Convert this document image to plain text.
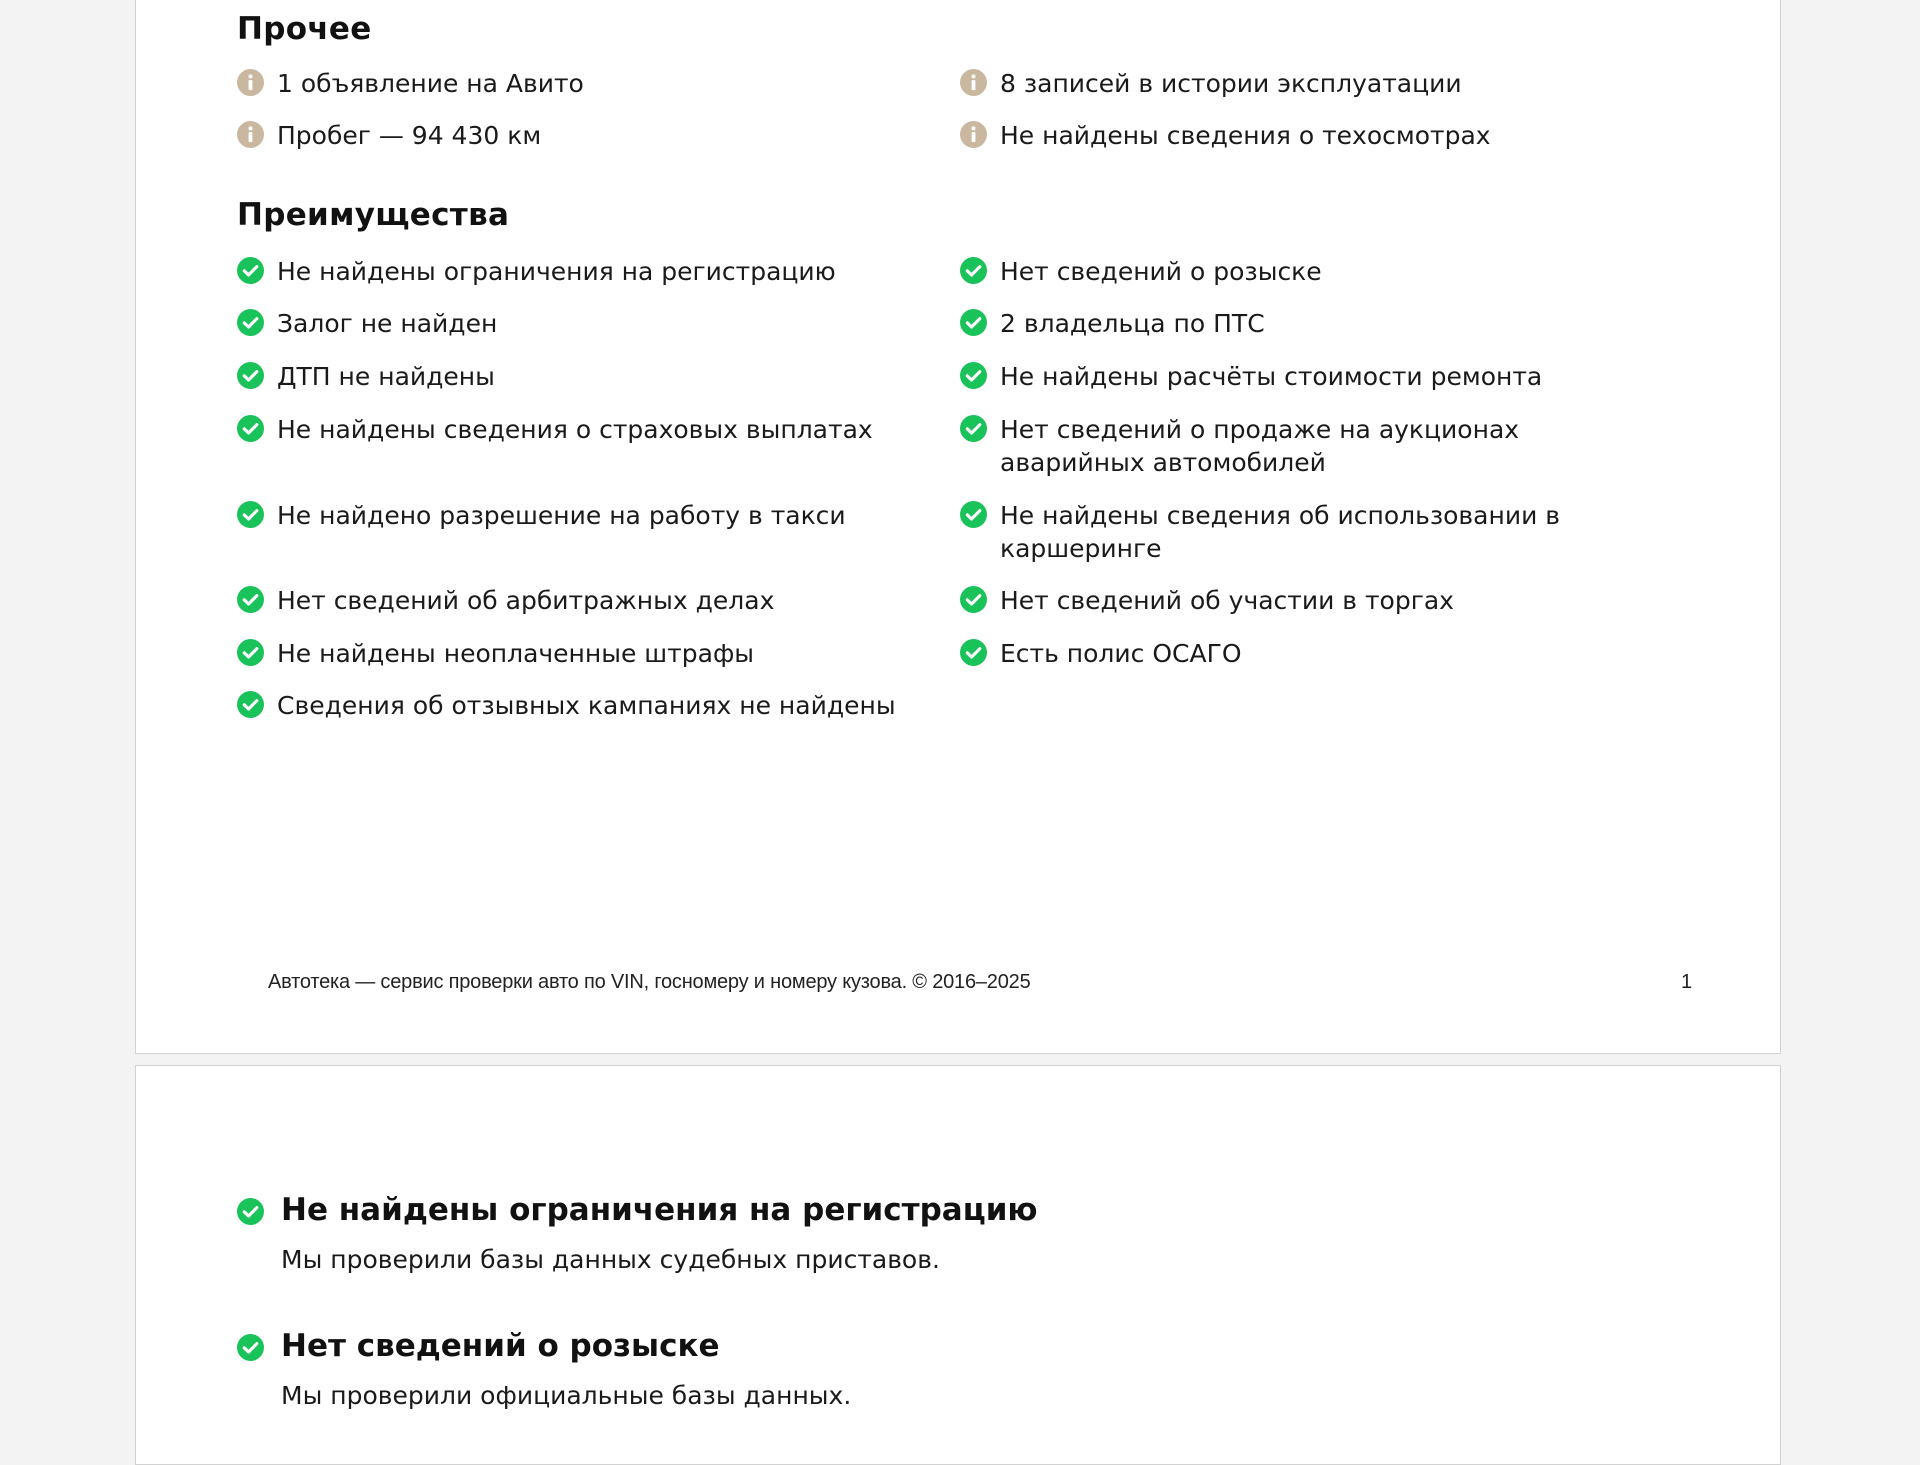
Прочее
1 объявление на Авито
Пробег — 94 430 км
8 записей в истории эксплуатации
Не найдены сведения о техосмотрах
Преимущества
Не найдены ограничения на регистрацию
Залог не найден
ДТП не найдены
Не найдены сведения о страховых выплатах
Не найдено разрешение на работу в такси
Нет сведений об арбитражных делах
Не найдены неоплаченные штрафы
Сведения об отзывных кампаниях не найдены
Нет сведений о розыске
2 владельца по ПТС
Не найдены расчёты стоимости ремонта
Нет сведений о продаже на аукционах аварийных автомобилей
Не найдены сведения об использовании в каршеринге
Нет сведений об участии в торгах
Есть полис ОСАГО
Автотека — сервис проверки авто по VIN, госномеру и номеру кузова. © 2016–2025	1
Не найдены ограничения на регистрацию
Мы проверили базы данных судебных приставов.
Нет сведений о розыске
Мы проверили официальные базы данных.
